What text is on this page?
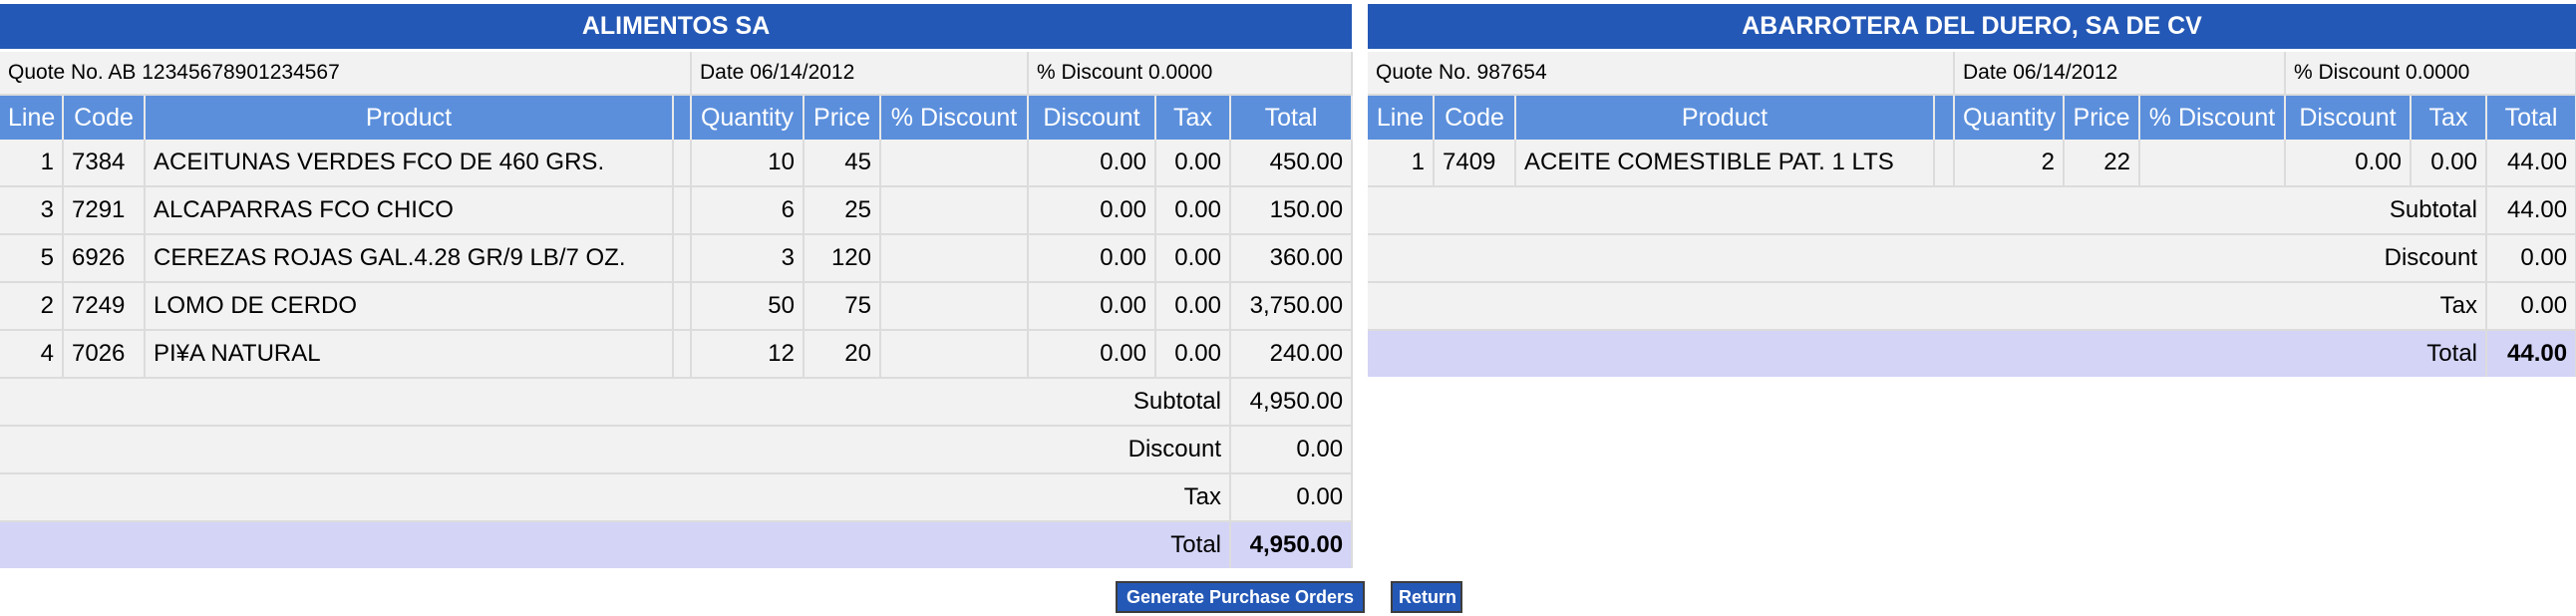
ALIMENTOS SA									
Quote No. AB 12345678901234567				Date 06/14/2012			% Discount 0.0000		
Line	Code	Product		Quantity	Price	% Discount	Discount	Tax	Total
1	7384	ACEITUNAS VERDES FCO DE 460 GRS.		10	45		0.00	0.00	450.00
3	7291	ALCAPARRAS FCO CHICO		6	25		0.00	0.00	150.00
5	6926	CEREZAS ROJAS GAL.4.28 GR/9 LB/7 OZ.		3	120		0.00	0.00	360.00
2	7249	LOMO DE CERDO		50	75		0.00	0.00	3,750.00
4	7026	PI¥A NATURAL		12	20		0.00	0.00	240.00
Subtotal									4,950.00
Discount									0.00
Tax									0.00
Total									4,950.00
ABARROTERA DEL DUERO, SA DE CV									
Quote No. 987654				Date 06/14/2012			% Discount 0.0000		
Line	Code	Product		Quantity	Price	% Discount	Discount	Tax	Total
1	7409	ACEITE COMESTIBLE PAT. 1 LTS		2	22		0.00	0.00	44.00
Subtotal									44.00
Discount									0.00
Tax									0.00
Total									44.00
Generate Purchase Orders	Return
